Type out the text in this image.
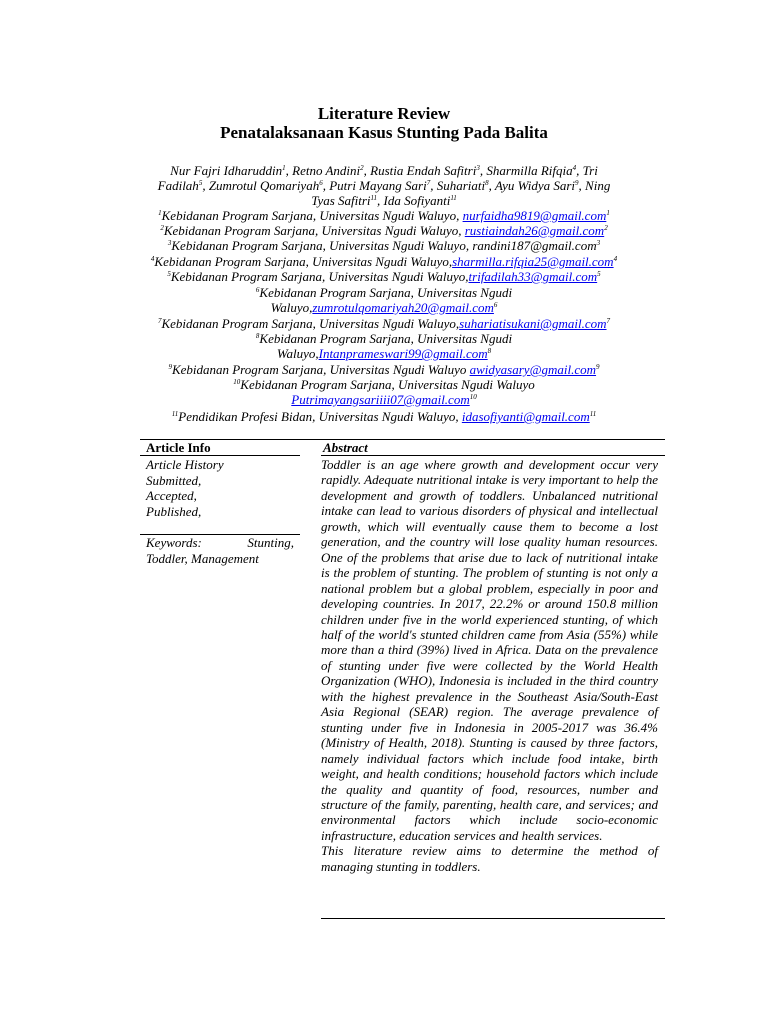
Literature Review
Penatalaksanaan Kasus Stunting Pada Balita
Nur Fajri Idharuddin$^1$, Retno Andini$^2$, Rustia Endah Safitri$^3$, Sharmilla Rifqia$^4$, Tri
Fadilah$^5$, Zumrotul Qomariyah$^6$, Putri Mayang Sari$^7$, Suhariati$^8$, Ayu Widya Sari$^9$, Ning
Tyas Safitri$^{11}$, Ida Sofiyanti$^{11}$
$^1$Kebidanan Program Sarjana, Universitas Ngudi Waluyo, nurfaidha9819@gmail.com$^1$
$^2$Kebidanan Program Sarjana, Universitas Ngudi Waluyo, rustiaindah26@gmail.com$^2$
$^3$Kebidanan Program Sarjana, Universitas Ngudi Waluyo, randini187@gmail.com$^3$
$^4$Kebidanan Program Sarjana, Universitas Ngudi Waluyo,sharmilla.rifqia25@gmail.com$^4$
$^5$Kebidanan Program Sarjana, Universitas Ngudi Waluyo,trifadilah33@gmail.com$^5$
$^6$Kebidanan Program Sarjana, Universitas Ngudi
Waluyo,zumrotulqomariyah20@gmail.com$^6$
$^7$Kebidanan Program Sarjana, Universitas Ngudi Waluyo,suhariatisukani@gmail.com$^7$
$^8$Kebidanan Program Sarjana, Universitas Ngudi
Waluyo,Intanprameswari99@gmail.com$^8$
$^9$Kebidanan Program Sarjana, Universitas Ngudi Waluyo awidyasary@gmail.com$^9$
$^{10}$Kebidanan Program Sarjana, Universitas Ngudi Waluyo
Putrimayangsariiii07@gmail.com$^{10}$
$^{11}$Pendidikan Profesi Bidan, Universitas Ngudi Waluyo, idasofiyanti@gmail.com$^{11}$
Article Info	Abstract
Article History
Submitted,
Accepted,
Published,
Keywords:	Stunting,
Toddler, Management

Toddler is an age where growth and development occur very rapidly. Adequate nutritional intake is very important to help the development and growth of toddlers. Unbalanced nutritional intake can lead to various disorders of physical and intellectual growth, which will eventually cause them to become a lost generation, and the country will lose quality human resources. One of the problems that arise due to lack of nutritional intake is the problem of stunting. The problem of stunting is not only a national problem but a global problem, especially in poor and developing countries. In 2017, 22.2% or around 150.8 million children under five in the world experienced stunting, of which half of the world's stunted children came from Asia (55%) while more than a third (39%) lived in Africa. Data on the prevalence of stunting under five were collected by the World Health Organization (WHO), Indonesia is included in the third country with the highest prevalence in the Southeast Asia/South-East Asia Regional (SEAR) region. The average prevalence of stunting under five in Indonesia in 2005-2017 was 36.4% (Ministry of Health, 2018). Stunting is caused by three factors, namely individual factors which include food intake, birth weight, and health conditions; household factors which include the quality and quantity of food, resources, number and structure of the family, parenting, health care, and services; and environmental factors which include socio-economic infrastructure, education services and health services.

This literature review aims to determine the method of managing stunting in toddlers.
